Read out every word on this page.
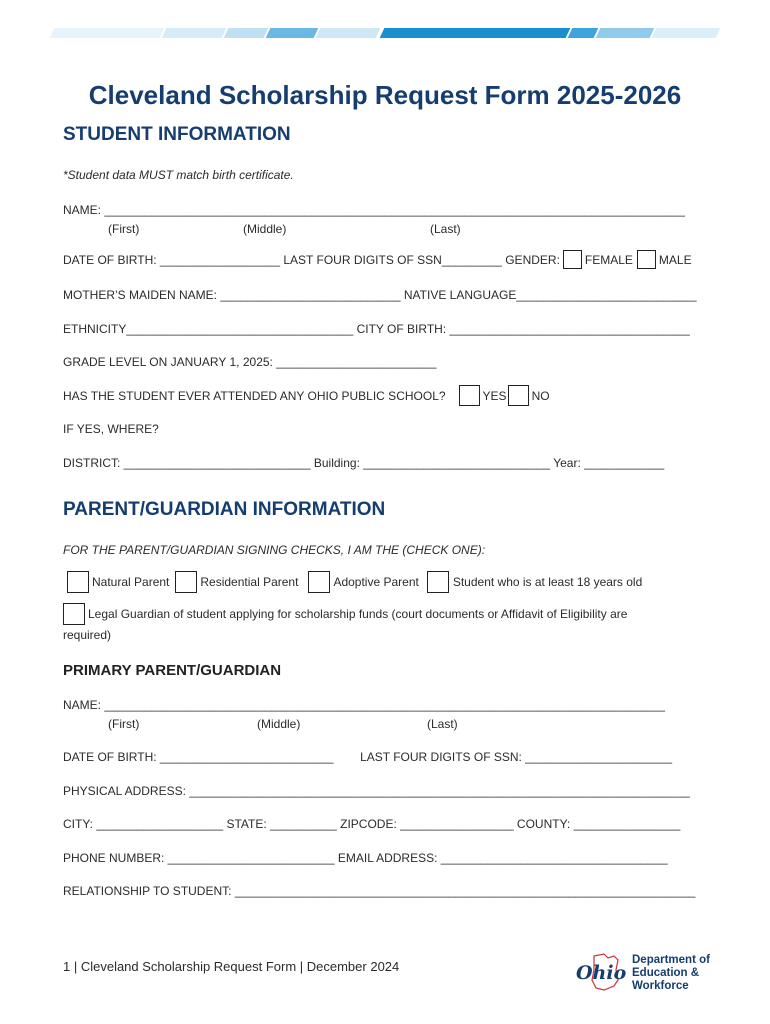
Cleveland Scholarship Request Form 2025-2026
STUDENT INFORMATION
*Student data MUST match birth certificate.
NAME: _______________________________________________________________________________________
(First)	(Middle)	(Last)
DATE OF BIRTH: __________________ LAST FOUR DIGITS OF SSN_________ GENDER: FEMALE MALE
MOTHER’S MAIDEN NAME: ___________________________ NATIVE LANGUAGE___________________________
ETHNICITY__________________________________ CITY OF BIRTH: ____________________________________
GRADE LEVEL ON JANUARY 1, 2025: ________________________
HAS THE STUDENT EVER ATTENDED ANY OHIO PUBLIC SCHOOL?	YES NO
IF YES, WHERE?
DISTRICT: ____________________________ Building: ____________________________ Year: ____________
PARENT/GUARDIAN INFORMATION
FOR THE PARENT/GUARDIAN SIGNING CHECKS, I AM THE (CHECK ONE):
Natural Parent	Residential Parent	Adoptive Parent	Student who is at least 18 years old
Legal Guardian of student applying for scholarship funds (court documents or Affidavit of Eligibility are
required)
PRIMARY PARENT/GUARDIAN
NAME: ____________________________________________________________________________________
(First)	(Middle)	(Last)
DATE OF BIRTH: __________________________        LAST FOUR DIGITS OF SSN: ______________________
PHYSICAL ADDRESS: ___________________________________________________________________________
CITY: ___________________ STATE: __________ ZIPCODE: _________________ COUNTY: ________________
PHONE NUMBER: _________________________ EMAIL ADDRESS: __________________________________
RELATIONSHIP TO STUDENT: _____________________________________________________________________
1 | Cleveland Scholarship Request Form | December 2024	Ohio
Department of
Education &
Workforce
